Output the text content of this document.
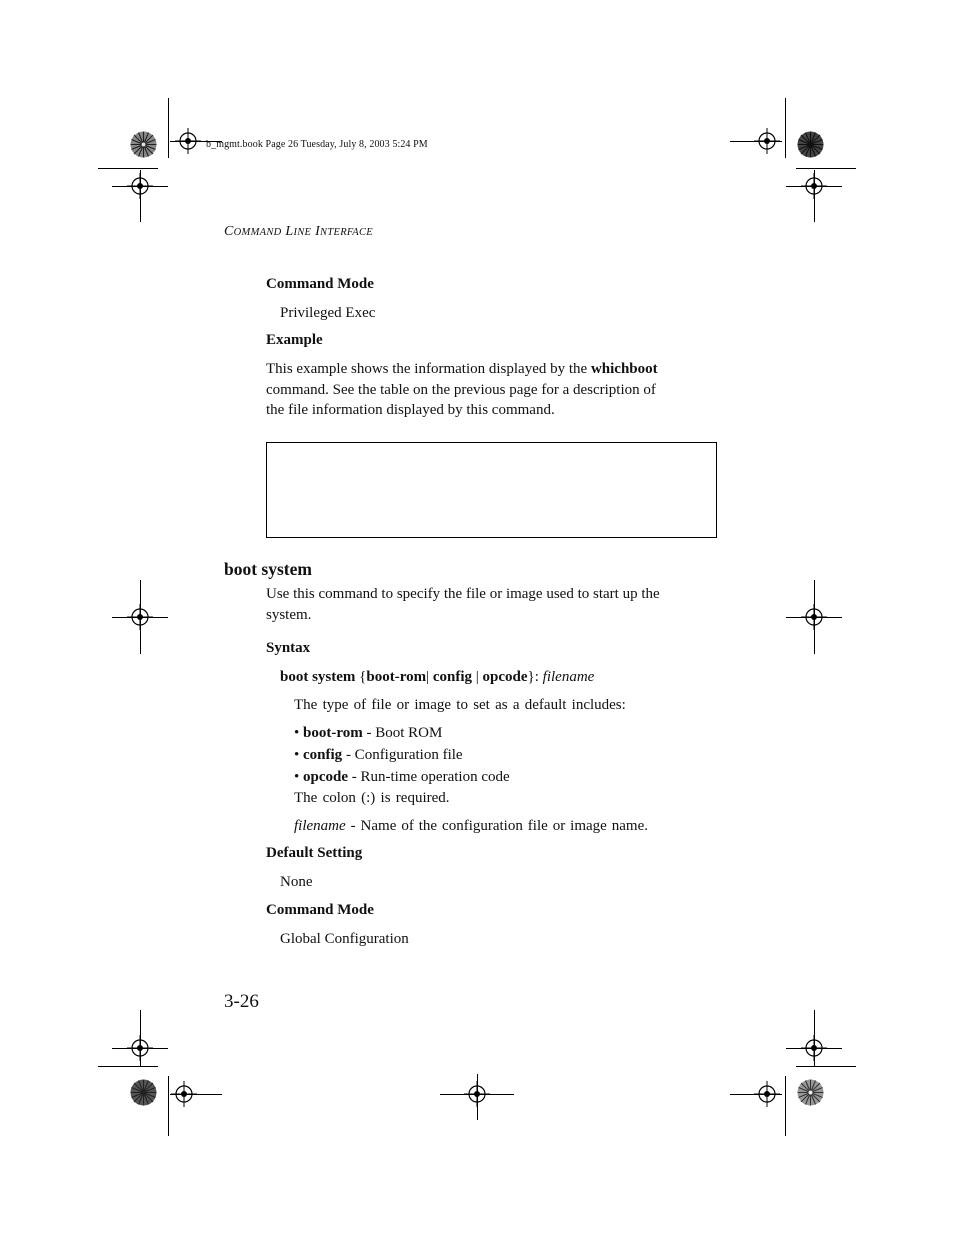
b_mgmt.book Page 26 Tuesday, July 8, 2003 5:24 PM
COMMAND LINE INTERFACE
Command Mode
Privileged Exec
Example
This example shows the information displayed by the whichboot
command. See the table on the previous page for a description of
the file information displayed by this command.
boot system
Use this command to specify the file or image used to start up the
system.
Syntax
boot system {boot-rom| config | opcode}: filename
The type of file or image to set as a default includes:
• boot-rom - Boot ROM
• config - Configuration file
• opcode - Run-time operation code
The colon (:) is required.
filename - Name of the configuration file or image name.
Default Setting
None
Command Mode
Global Configuration
3-26
